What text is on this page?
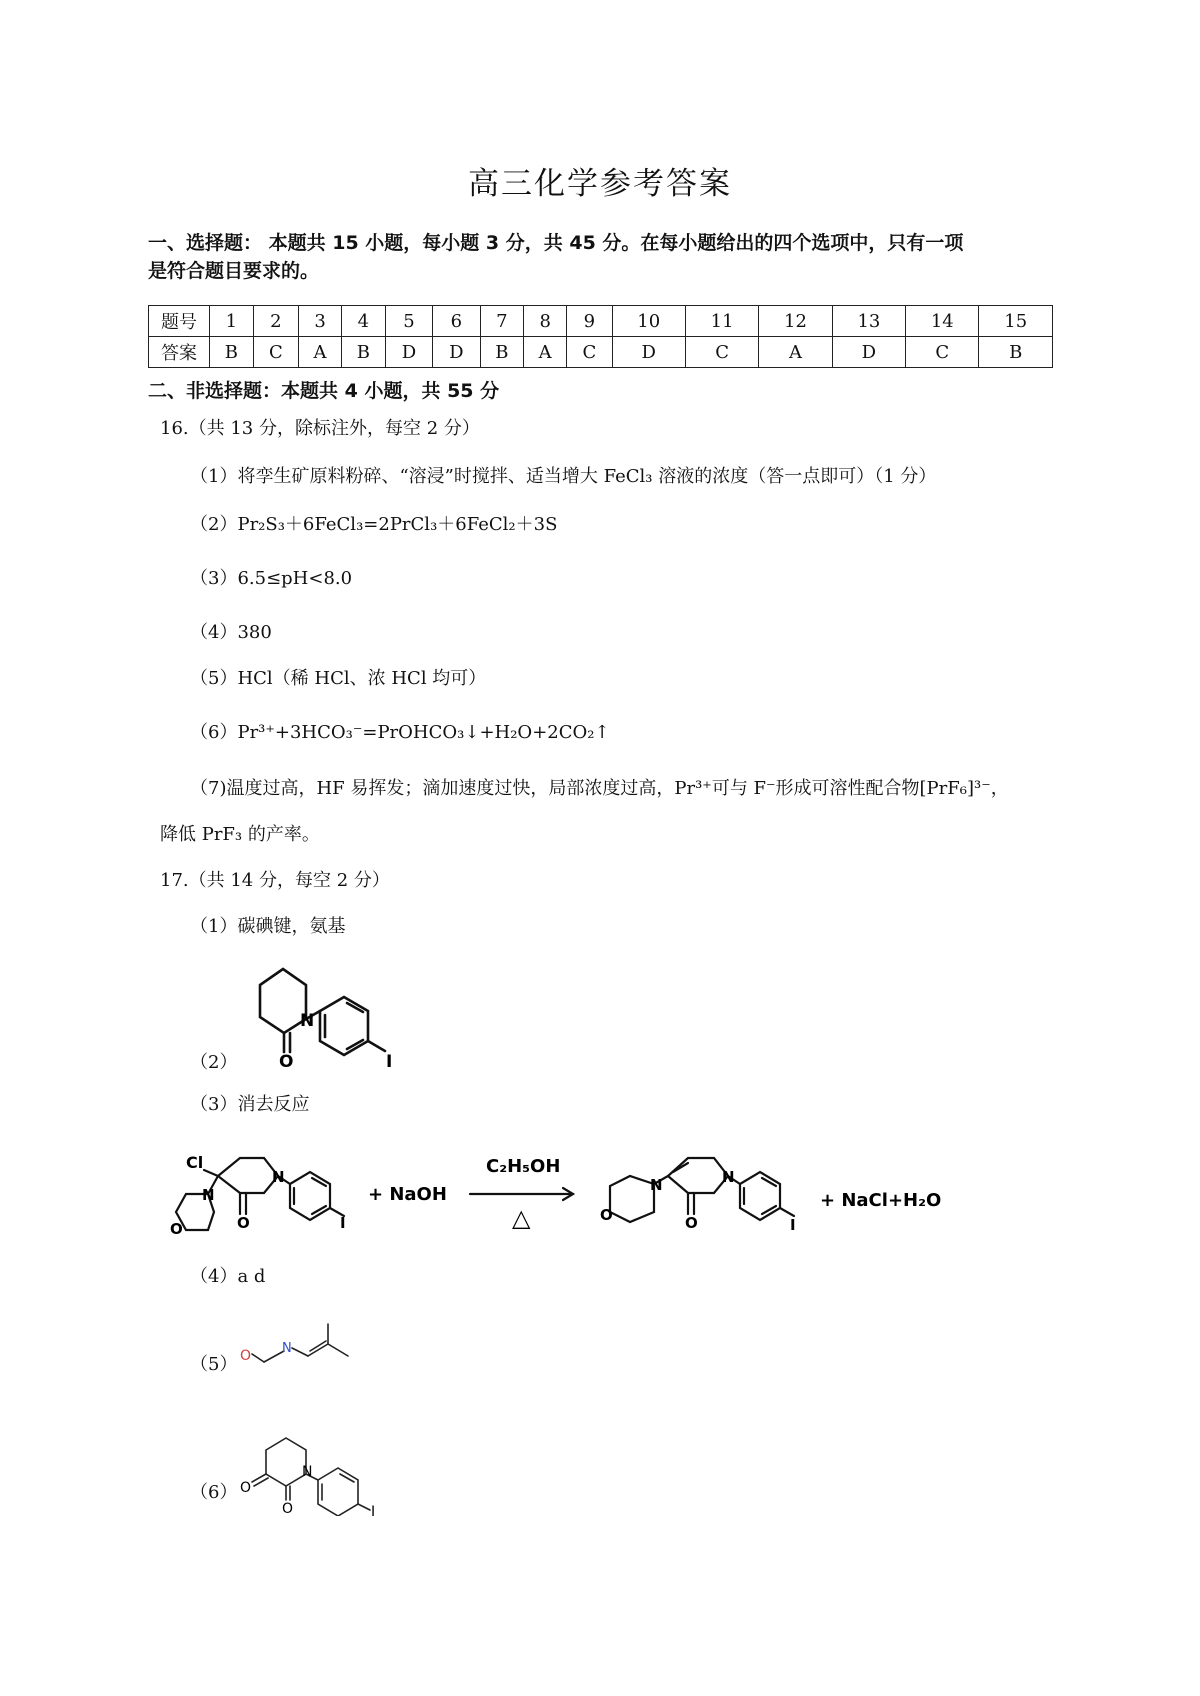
高三化学参考答案
一、选择题： 本题共 15 小题，每小题 3 分，共 45 分。在每小题给出的四个选项中，只有一项
是符合题目要求的。
题号	1	2	3	4	5	6	7	8	9	10	11	12	13	14	15
答案	B	C	A	B	D	D	B	A	C	D	C	A	D	C	B
二、非选择题：本题共 4 小题，共 55 分
16.（共 13 分，除标注外，每空 2 分）
（1）将孪生矿原料粉碎、“溶浸”时搅拌、适当增大 FeCl₃ 溶液的浓度（答一点即可）（1 分）
（2）Pr₂S₃＋6FeCl₃=2PrCl₃＋6FeCl₂＋3S
（3）6.5≤pH<8.0
（4）380
（5）HCl（稀 HCl、浓 HCl 均可）
（6）Pr³⁺+3HCO₃⁻=PrOHCO₃↓+H₂O+2CO₂↑
（7)温度过高，HF 易挥发；滴加速度过快，局部浓度过高，Pr³⁺可与 F⁻形成可溶性配合物[PrF₆]³⁻，
降低 PrF₃ 的产率。
17.（共 14 分，每空 2 分）
（1）碳碘键，氨基
（2）
（3）消去反应
（4）a d
（5）
（6）
N
O	I
Cl
N
O
N
O	I
+ NaOH
C₂H₅OH
△
N
O
N
O	I
+ NaCl+H₂O
O N
O
O
N
I
